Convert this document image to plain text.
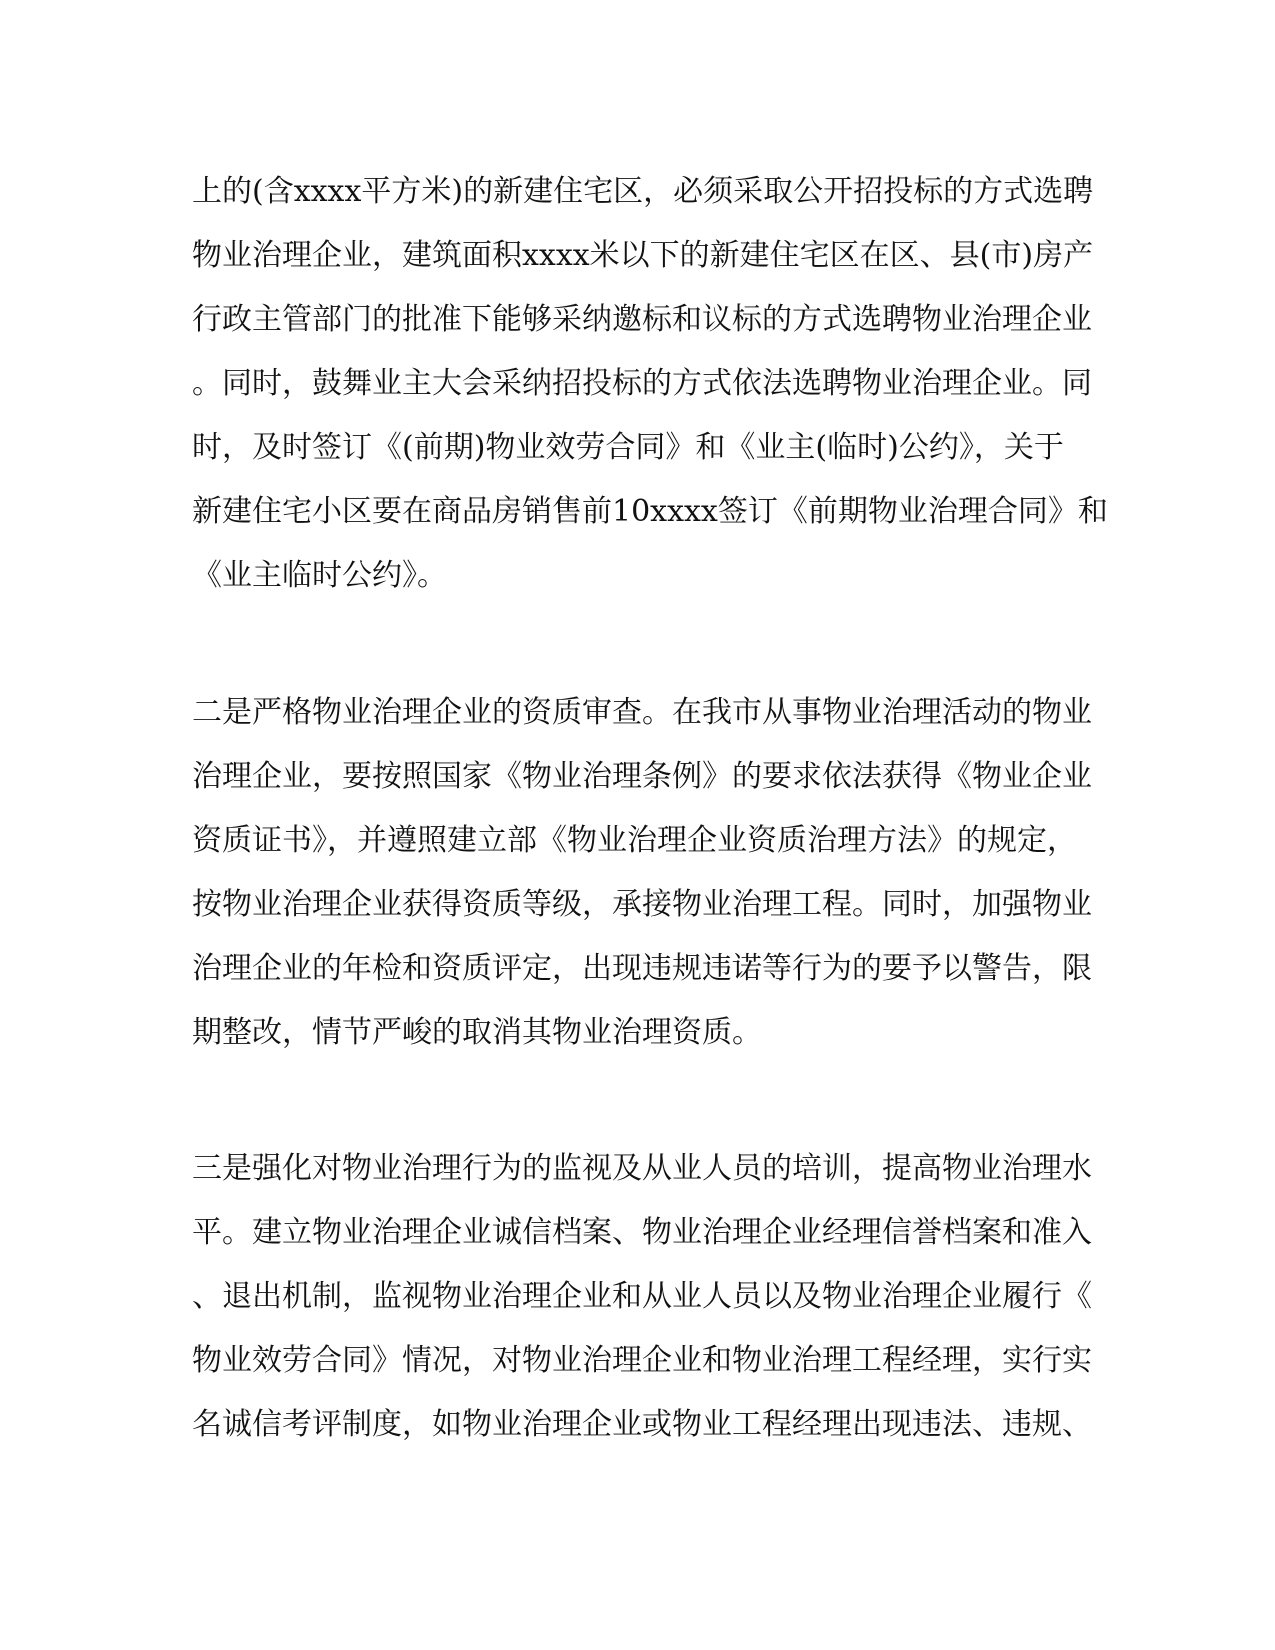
上的(含xxxx平方米)的新建住宅区，必须采取公开招投标的方式选聘
物业治理企业，建筑面积xxxx米以下的新建住宅区在区、县(市)房产
行政主管部门的批准下能够采纳邀标和议标的方式选聘物业治理企业
。同时，鼓舞业主大会采纳招投标的方式依法选聘物业治理企业。同
时，及时签订《(前期)物业效劳合同》和《业主(临时)公约》，关于
新建住宅小区要在商品房销售前10xxxx签订《前期物业治理合同》和
《业主临时公约》。
二是严格物业治理企业的资质审查。在我市从事物业治理活动的物业
治理企业，要按照国家《物业治理条例》的要求依法获得《物业企业
资质证书》，并遵照建立部《物业治理企业资质治理方法》的规定，
按物业治理企业获得资质等级，承接物业治理工程。同时，加强物业
治理企业的年检和资质评定，出现违规违诺等行为的要予以警告，限
期整改，情节严峻的取消其物业治理资质。
三是强化对物业治理行为的监视及从业人员的培训，提高物业治理水
平。建立物业治理企业诚信档案、物业治理企业经理信誉档案和准入
、退出机制，监视物业治理企业和从业人员以及物业治理企业履行《
物业效劳合同》情况，对物业治理企业和物业治理工程经理，实行实
名诚信考评制度，如物业治理企业或物业工程经理出现违法、违规、
